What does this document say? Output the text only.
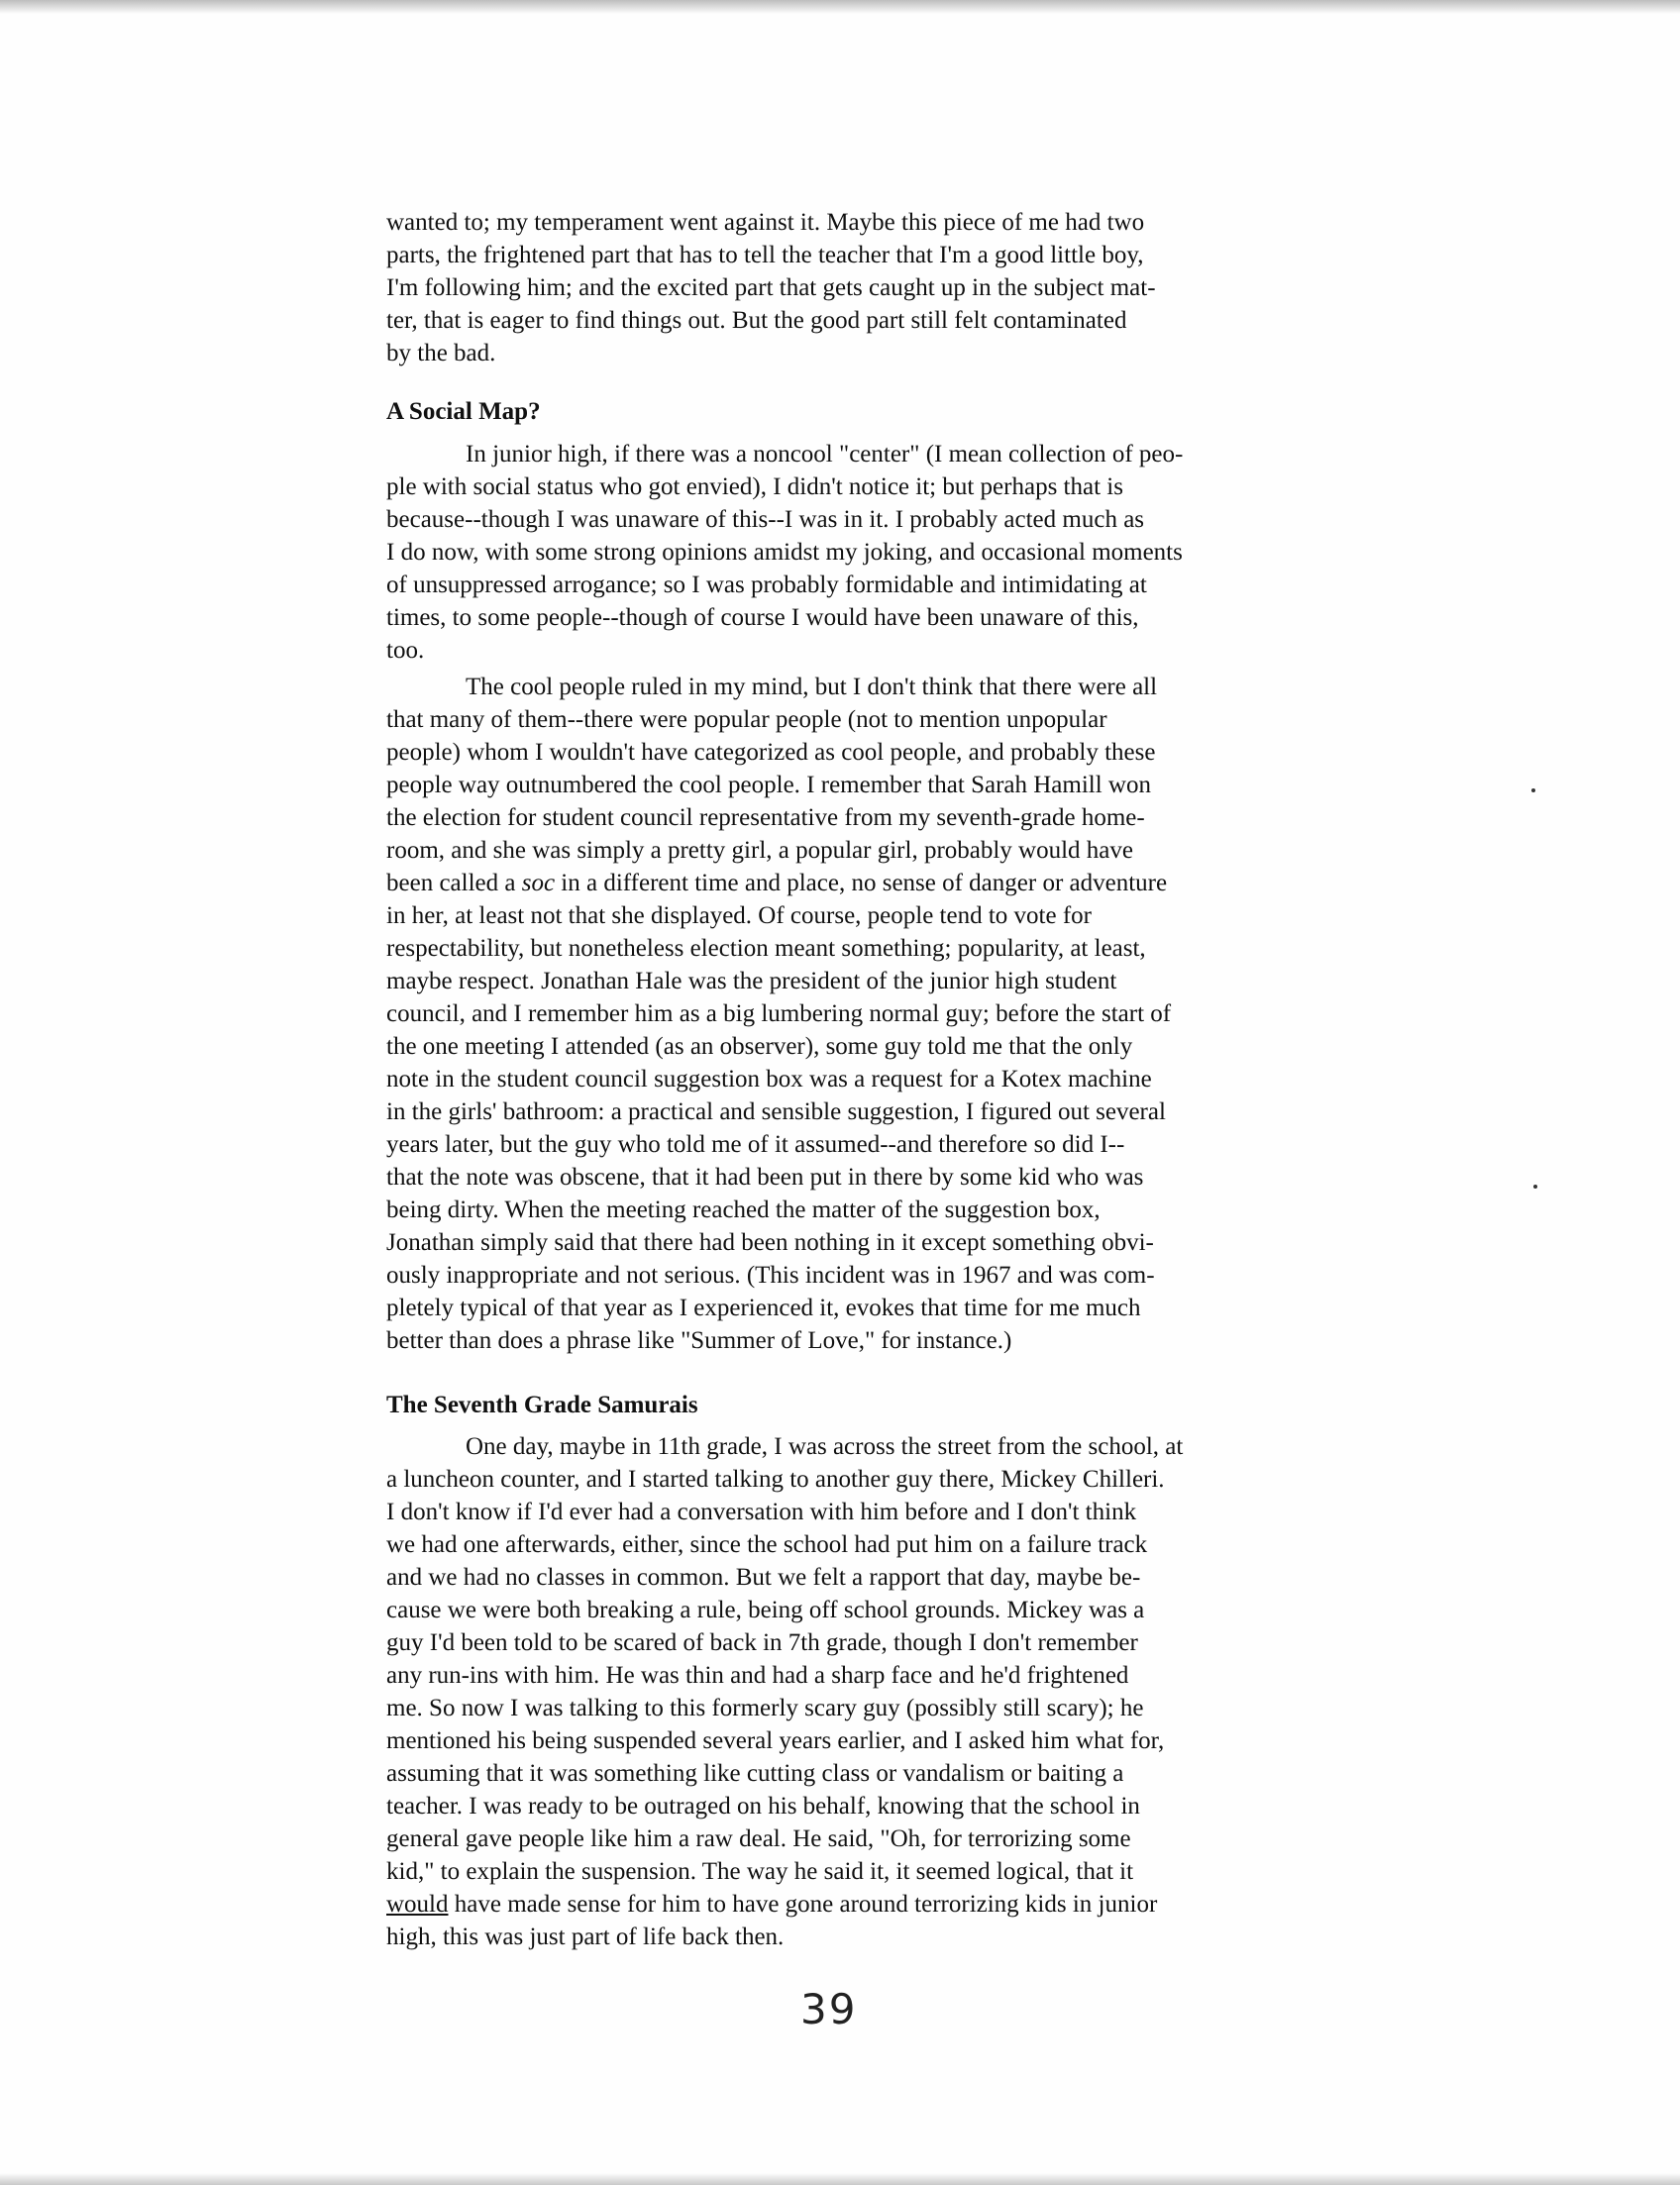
wanted to; my temperament went against it. Maybe this piece of me had two
parts, the frightened part that has to tell the teacher that I'm a good little boy,
I'm following him; and the excited part that gets caught up in the subject mat-
ter, that is eager to find things out. But the good part still felt contaminated
by the bad.
A Social Map?
In junior high, if there was a noncool "center" (I mean collection of peo-
ple with social status who got envied), I didn't notice it; but perhaps that is
because--though I was unaware of this--I was in it. I probably acted much as
I do now, with some strong opinions amidst my joking, and occasional moments
of unsuppressed arrogance; so I was probably formidable and intimidating at
times, to some people--though of course I would have been unaware of this,
too.
The cool people ruled in my mind, but I don't think that there were all
that many of them--there were popular people (not to mention unpopular
people) whom I wouldn't have categorized as cool people, and probably these
people way outnumbered the cool people. I remember that Sarah Hamill won
the election for student council representative from my seventh-grade home-
room, and she was simply a pretty girl, a popular girl, probably would have
been called a soc in a different time and place, no sense of danger or adventure
in her, at least not that she displayed. Of course, people tend to vote for
respectability, but nonetheless election meant something; popularity, at least,
maybe respect. Jonathan Hale was the president of the junior high student
council, and I remember him as a big lumbering normal guy; before the start of
the one meeting I attended (as an observer), some guy told me that the only
note in the student council suggestion box was a request for a Kotex machine
in the girls' bathroom: a practical and sensible suggestion, I figured out several
years later, but the guy who told me of it assumed--and therefore so did I--
that the note was obscene, that it had been put in there by some kid who was
being dirty. When the meeting reached the matter of the suggestion box,
Jonathan simply said that there had been nothing in it except something obvi-
ously inappropriate and not serious. (This incident was in 1967 and was com-
pletely typical of that year as I experienced it, evokes that time for me much
better than does a phrase like "Summer of Love," for instance.)
The Seventh Grade Samurais
One day, maybe in 11th grade, I was across the street from the school, at
a luncheon counter, and I started talking to another guy there, Mickey Chilleri.
I don't know if I'd ever had a conversation with him before and I don't think
we had one afterwards, either, since the school had put him on a failure track
and we had no classes in common. But we felt a rapport that day, maybe be-
cause we were both breaking a rule, being off school grounds. Mickey was a
guy I'd been told to be scared of back in 7th grade, though I don't remember
any run-ins with him. He was thin and had a sharp face and he'd frightened
me. So now I was talking to this formerly scary guy (possibly still scary); he
mentioned his being suspended several years earlier, and I asked him what for,
assuming that it was something like cutting class or vandalism or baiting a
teacher. I was ready to be outraged on his behalf, knowing that the school in
general gave people like him a raw deal. He said, "Oh, for terrorizing some
kid," to explain the suspension. The way he said it, it seemed logical, that it
would have made sense for him to have gone around terrorizing kids in junior
high, this was just part of life back then.
39
